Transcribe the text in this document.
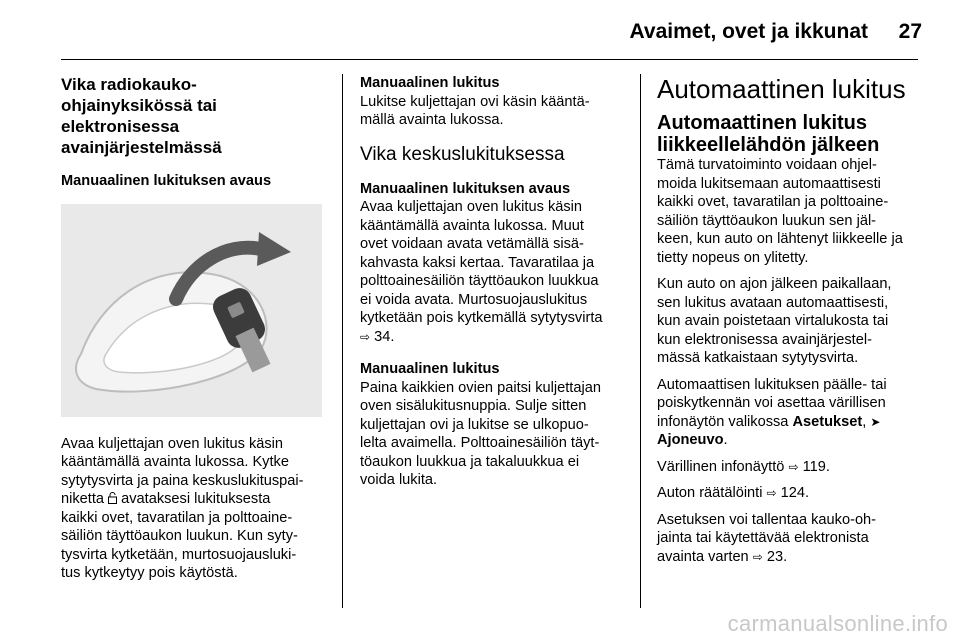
Avaimet, ovet ja ikkunat 27
Vika radiokauko-
ohjainyksikössä tai
elektronisessa
avainjärjestelmässä
Manuaalinen lukituksen avaus

Avaa kuljettajan oven lukitus käsin
kääntämällä avainta lukossa. Kytke
sytytysvirta ja paina keskuslukituspai-
niketta avataksesi lukituksesta
kaikki ovet, tavaratilan ja polttoaine-
säiliön täyttöaukon luukun. Kun syty-
tysvirta kytketään, murtosuojausluki-
tus kytkeytyy pois käytöstä.

Manuaalinen lukitus

Lukitse kuljettajan ovi käsin kääntä-
mällä avainta lukossa.

Vika keskuslukituksessa
Manuaalinen lukituksen avaus

Avaa kuljettajan oven lukitus käsin
kääntämällä avainta lukossa. Muut
ovet voidaan avata vetämällä sisä-
kahvasta kaksi kertaa. Tavaratilaa ja
polttoainesäiliön täyttöaukon luukkua
ei voida avata. Murtosuojauslukitus
kytketään pois kytkemällä sytytysvirta
⇨ 34.

Manuaalinen lukitus

Paina kaikkien ovien paitsi kuljettajan
oven sisälukitusnuppia. Sulje sitten
kuljettajan ovi ja lukitse se ulkopuo-
lelta avaimella. Polttoainesäiliön täyt-
töaukon luukkua ja takaluukkua ei
voida lukita.

Automaattinen lukitus
Automaattinen lukitus
liikkeellelähdön jälkeen

Tämä turvatoiminto voidaan ohjel-
moida lukitsemaan automaattisesti
kaikki ovet, tavaratilan ja polttoaine-
säiliön täyttöaukon luukun sen jäl-
keen, kun auto on lähtenyt liikkeelle ja
tietty nopeus on ylitetty.

Kun auto on ajon jälkeen paikallaan,
sen lukitus avataan automaattisesti,
kun avain poistetaan virtalukosta tai
kun elektronisessa avainjärjestel-
mässä katkaistaan sytytysvirta.

Automaattisen lukituksen päälle- tai
poiskytkennän voi asettaa värillisen
infonäytön valikossa Asetukset, ➤
Ajoneuvo.

Värillinen infonäyttö ⇨ 119.

Auton räätälöinti ⇨ 124.

Asetuksen voi tallentaa kauko-oh-
jainta tai käytettävää elektronista
avainta varten ⇨ 23.

carmanualsonline.info
